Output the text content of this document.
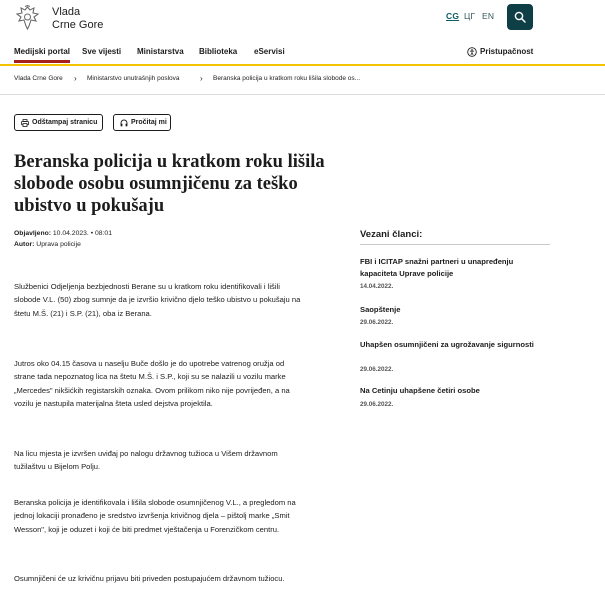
Vlada
Crne Gore
CG ЦГ EN
Medijski portal Sve vijesti Ministarstva Biblioteka eServisi	Pristupačnost
Vlada Crne Gore › Ministarstvo unutrašnjih poslova	› Beranska policija u kratkom roku lišila slobode os...
Odštampaj stranicu	Pročitaj mi
Beranska policija u kratkom roku lišila slobode osobu osumnjičenu za teško ubistvo u pokušaju
Objavljeno: 10.04.2023. • 08:01
Autor: Uprava policije

Službenici Odjeljenja bezbjednosti Berane su u kratkom roku identifikovali i lišili slobode V.L. (50) zbog sumnje da je izvršio krivično djelo teško ubistvo u pokušaju na štetu M.Š. (21) i S.P. (21), oba iz Berana.

Jutros oko 04.15 časova u naselju Buče došlo je do upotrebe vatrenog oružja od strane tada nepoznatog lica na štetu M.Š. i S.P., koji su se nalazili u vozilu marke „Mercedes" nikšićkih registarskih oznaka. Ovom prilikom niko nije povrijeđen, a na vozilu je nastupila materijalna šteta usled dejstva projektila.

Na licu mjesta je izvršen uviđaj po nalogu državnog tužioca u Višem državnom tužilaštvu u Bijelom Polju.

Beranska policija je identifikovala i lišila slobode osumnjičenog V.L., a pregledom na jednoj lokaciji pronađeno je sredstvo izvršenja krivičnog djela – pištolj marke „Smit Wesson", koji je oduzet i koji će biti predmet vještačenja u Forenzičkom centru.

Osumnjičeni će uz krivičnu prijavu biti priveden postupajućem državnom tužiocu.

Vezani članci:
FBI i ICITAP snažni partneri u unapređenju kapaciteta Uprave policije
14.04.2022.
Saopštenje
29.06.2022.
Uhapšen osumnjičeni za ugrožavanje sigurnosti
29.06.2022.
Na Cetinju uhapšene četiri osobe
29.06.2022.
